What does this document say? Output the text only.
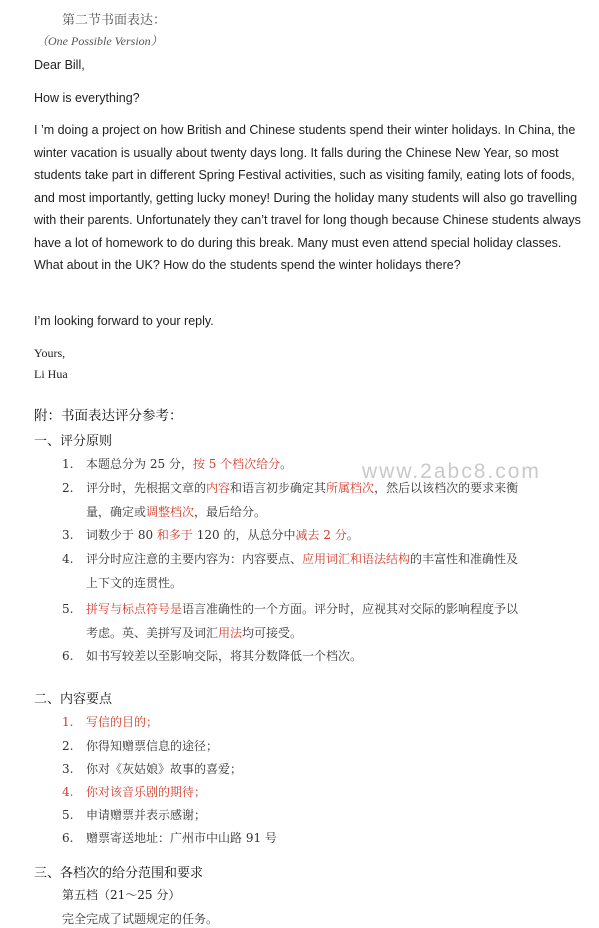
第二节书面表达：
（One Possible Version）

Dear Bill,

How is everything?

I ’m doing a project on how British and Chinese students spend their winter holidays. In China, the winter vacation is usually about twenty days long. It falls during the Chinese New Year, so most students take part in different Spring Festival activities, such as visiting family, eating lots of foods, and most importantly, getting lucky money! During the holiday many students will also go travelling with their parents. Unfortunately they can’t travel for long though because Chinese students always have a lot of homework to do during this break. Many must even attend special holiday classes. What about in the UK? How do the students spend the winter holidays there?

I’m looking forward to your reply.

Yours,

Li Hua

附：书面表达评分参考：
一、评分原则
1. 本题总分为 25 分，按 5 个档次给分。
2. 评分时，先根据文章的内容和语言初步确定其所属档次，然后以该档次的要求来衡
量，确定或调整档次，最后给分。
3. 词数少于 80 和多于 120 的，从总分中减去 2 分。
4. 评分时应注意的主要内容为：内容要点、应用词汇和语法结构的丰富性和准确性及
上下文的连贯性。
5. 拼写与标点符号是语言准确性的一个方面。评分时，应视其对交际的影响程度予以
考虑。英、美拼写及词汇用法均可接受。
6. 如书写较差以至影响交际，将其分数降低一个档次。
www.2abc8.com
二、内容要点
1. 写信的目的；
2. 你得知赠票信息的途径；
3. 你对《灰姑娘》故事的喜爱；
4. 你对该音乐剧的期待；
5. 申请赠票并表示感谢；
6. 赠票寄送地址：广州市中山路 91 号
三、各档次的给分范围和要求
第五档（21～25 分）
完全完成了试题规定的任务。
